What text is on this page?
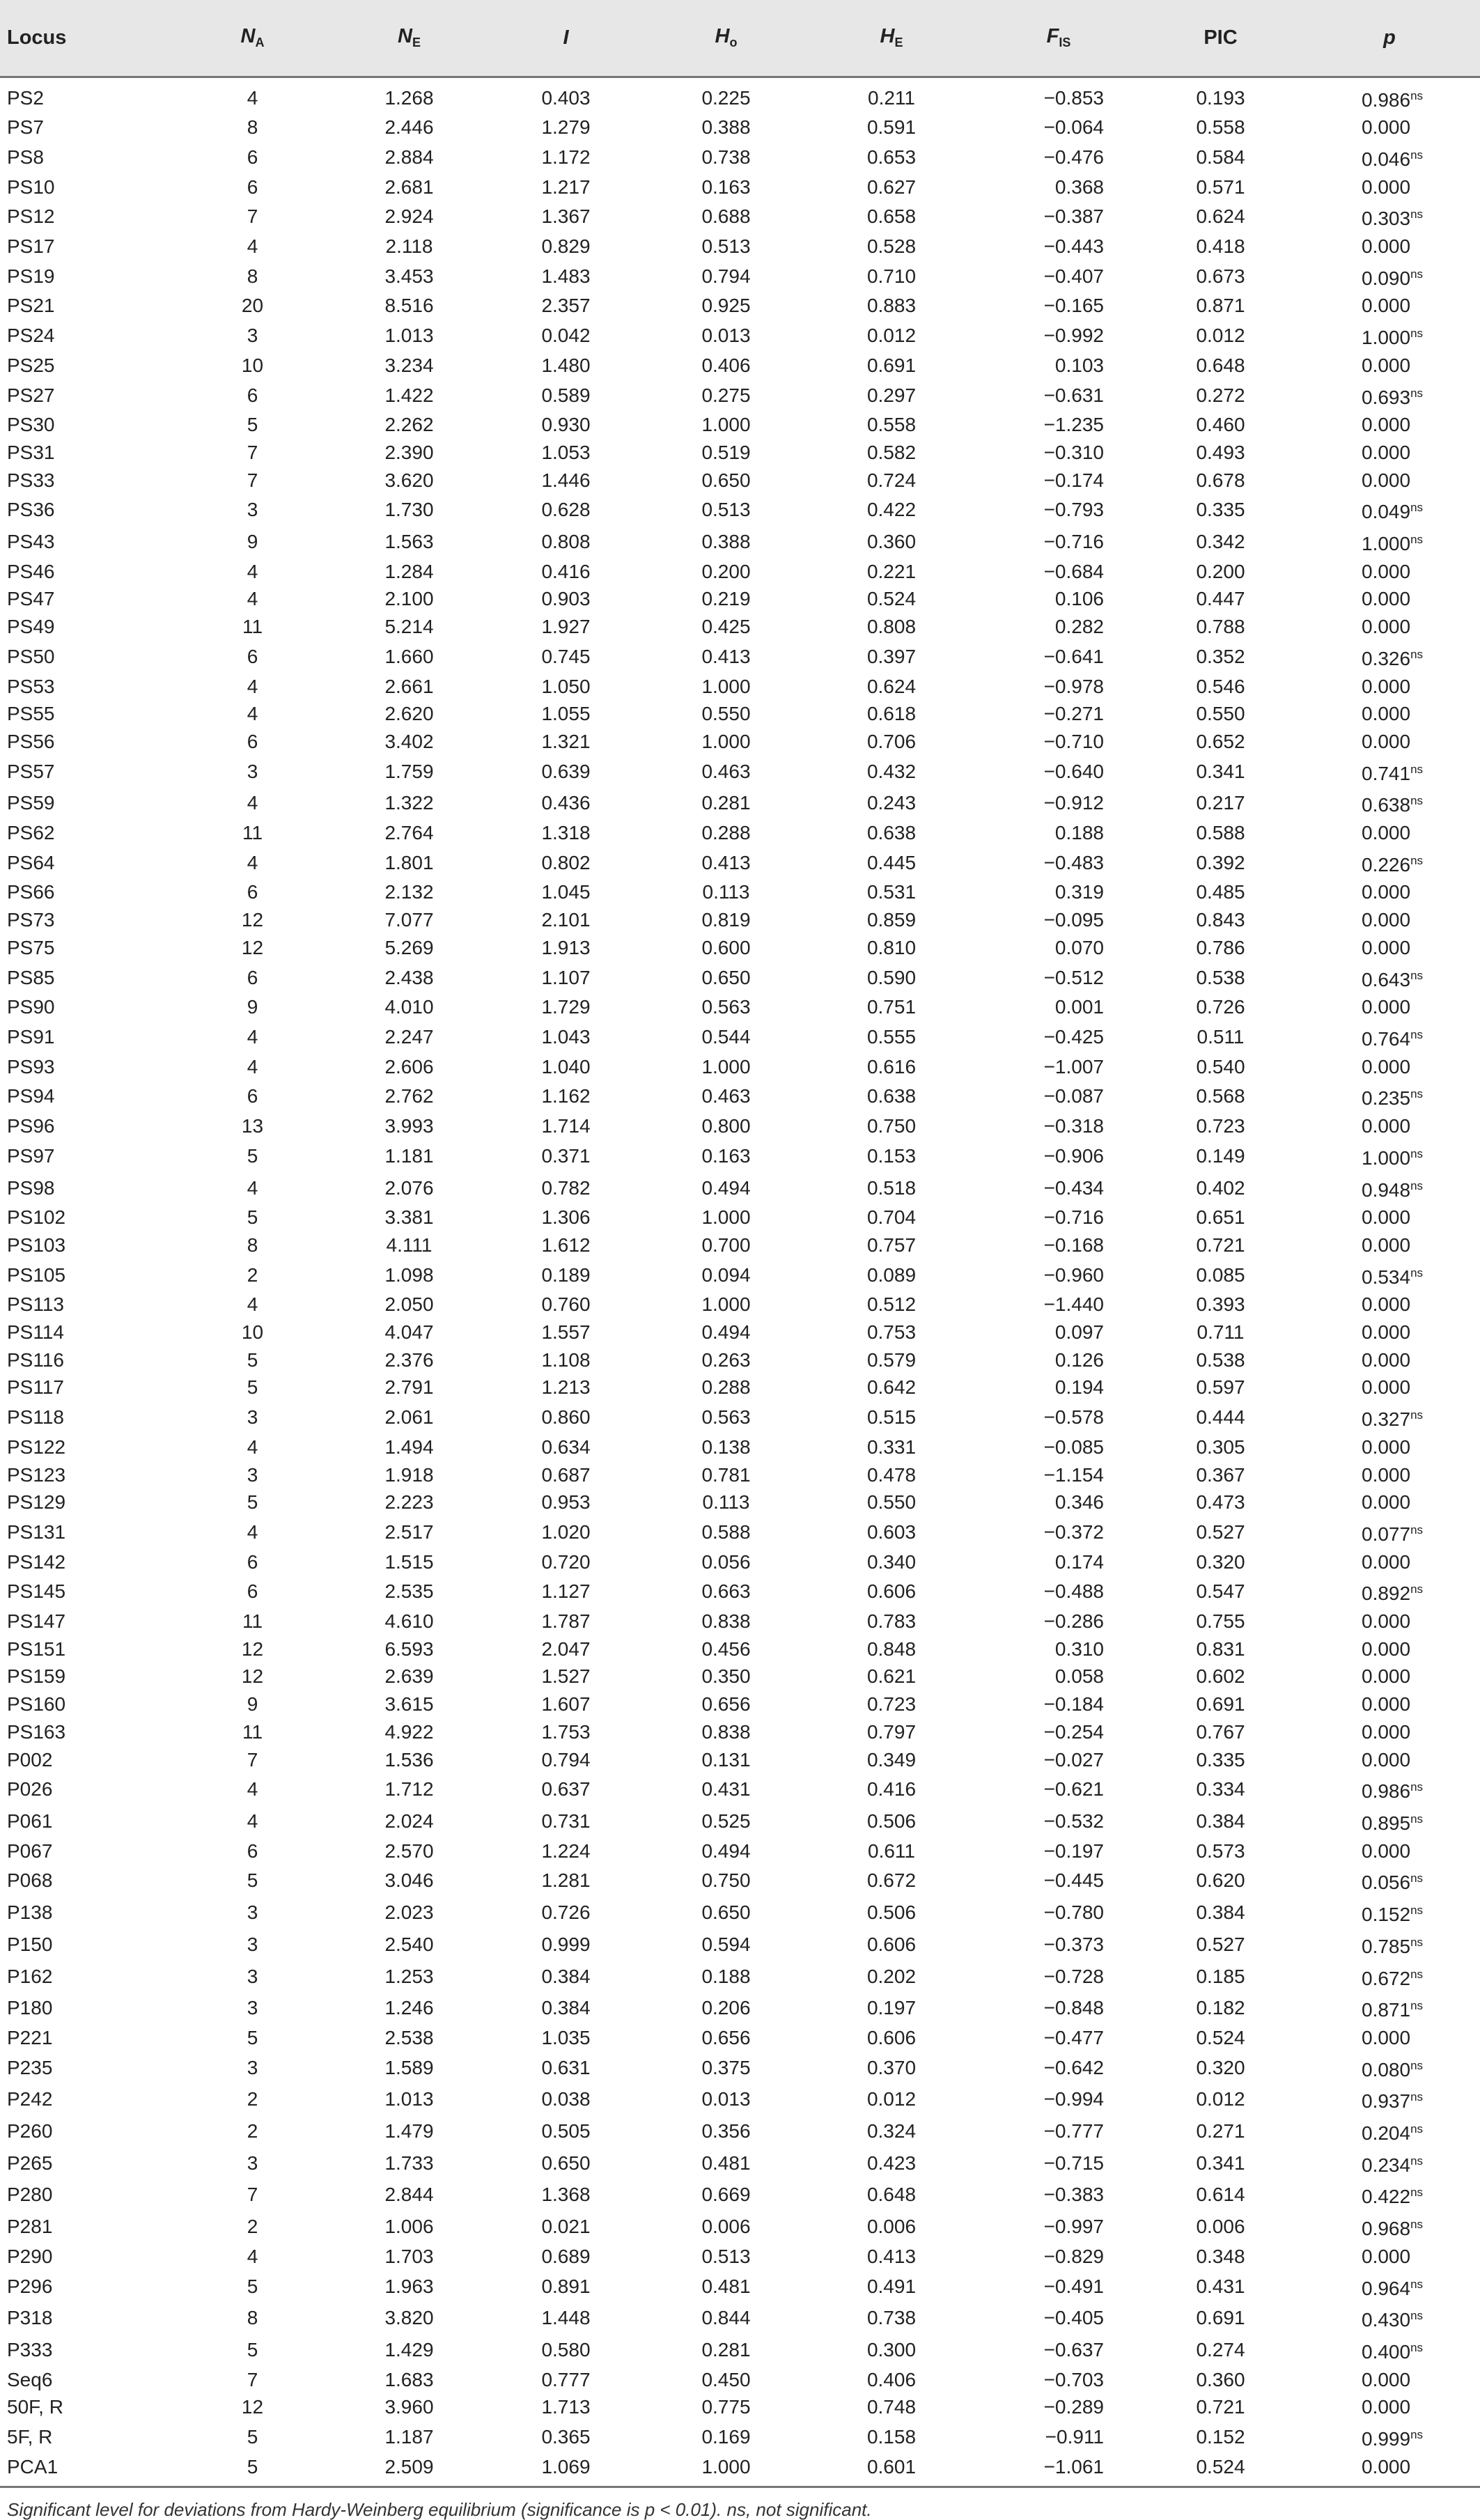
Locus	$N_A$	$N_E$	I	$H_o$	$H_E$	$F_{IS}$	PIC	p
PS2	4	1.268	0.403	0.225	0.211	−0.853	0.193	$0.986^{ns}$
PS7	8	2.446	1.279	0.388	0.591	−0.064	0.558	0.000
PS8	6	2.884	1.172	0.738	0.653	−0.476	0.584	$0.046^{ns}$
PS10	6	2.681	1.217	0.163	0.627	0.368	0.571	0.000
PS12	7	2.924	1.367	0.688	0.658	−0.387	0.624	$0.303^{ns}$
PS17	4	2.118	0.829	0.513	0.528	−0.443	0.418	0.000
PS19	8	3.453	1.483	0.794	0.710	−0.407	0.673	$0.090^{ns}$
PS21	20	8.516	2.357	0.925	0.883	−0.165	0.871	0.000
PS24	3	1.013	0.042	0.013	0.012	−0.992	0.012	$1.000^{ns}$
PS25	10	3.234	1.480	0.406	0.691	0.103	0.648	0.000
PS27	6	1.422	0.589	0.275	0.297	−0.631	0.272	$0.693^{ns}$
PS30	5	2.262	0.930	1.000	0.558	−1.235	0.460	0.000
PS31	7	2.390	1.053	0.519	0.582	−0.310	0.493	0.000
PS33	7	3.620	1.446	0.650	0.724	−0.174	0.678	0.000
PS36	3	1.730	0.628	0.513	0.422	−0.793	0.335	$0.049^{ns}$
PS43	9	1.563	0.808	0.388	0.360	−0.716	0.342	$1.000^{ns}$
PS46	4	1.284	0.416	0.200	0.221	−0.684	0.200	0.000
PS47	4	2.100	0.903	0.219	0.524	0.106	0.447	0.000
PS49	11	5.214	1.927	0.425	0.808	0.282	0.788	0.000
PS50	6	1.660	0.745	0.413	0.397	−0.641	0.352	$0.326^{ns}$
PS53	4	2.661	1.050	1.000	0.624	−0.978	0.546	0.000
PS55	4	2.620	1.055	0.550	0.618	−0.271	0.550	0.000
PS56	6	3.402	1.321	1.000	0.706	−0.710	0.652	0.000
PS57	3	1.759	0.639	0.463	0.432	−0.640	0.341	$0.741^{ns}$
PS59	4	1.322	0.436	0.281	0.243	−0.912	0.217	$0.638^{ns}$
PS62	11	2.764	1.318	0.288	0.638	0.188	0.588	0.000
PS64	4	1.801	0.802	0.413	0.445	−0.483	0.392	$0.226^{ns}$
PS66	6	2.132	1.045	0.113	0.531	0.319	0.485	0.000
PS73	12	7.077	2.101	0.819	0.859	−0.095	0.843	0.000
PS75	12	5.269	1.913	0.600	0.810	0.070	0.786	0.000
PS85	6	2.438	1.107	0.650	0.590	−0.512	0.538	$0.643^{ns}$
PS90	9	4.010	1.729	0.563	0.751	0.001	0.726	0.000
PS91	4	2.247	1.043	0.544	0.555	−0.425	0.511	$0.764^{ns}$
PS93	4	2.606	1.040	1.000	0.616	−1.007	0.540	0.000
PS94	6	2.762	1.162	0.463	0.638	−0.087	0.568	$0.235^{ns}$
PS96	13	3.993	1.714	0.800	0.750	−0.318	0.723	0.000
PS97	5	1.181	0.371	0.163	0.153	−0.906	0.149	$1.000^{ns}$
PS98	4	2.076	0.782	0.494	0.518	−0.434	0.402	$0.948^{ns}$
PS102	5	3.381	1.306	1.000	0.704	−0.716	0.651	0.000
PS103	8	4.111	1.612	0.700	0.757	−0.168	0.721	0.000
PS105	2	1.098	0.189	0.094	0.089	−0.960	0.085	$0.534^{ns}$
PS113	4	2.050	0.760	1.000	0.512	−1.440	0.393	0.000
PS114	10	4.047	1.557	0.494	0.753	0.097	0.711	0.000
PS116	5	2.376	1.108	0.263	0.579	0.126	0.538	0.000
PS117	5	2.791	1.213	0.288	0.642	0.194	0.597	0.000
PS118	3	2.061	0.860	0.563	0.515	−0.578	0.444	$0.327^{ns}$
PS122	4	1.494	0.634	0.138	0.331	−0.085	0.305	0.000
PS123	3	1.918	0.687	0.781	0.478	−1.154	0.367	0.000
PS129	5	2.223	0.953	0.113	0.550	0.346	0.473	0.000
PS131	4	2.517	1.020	0.588	0.603	−0.372	0.527	$0.077^{ns}$
PS142	6	1.515	0.720	0.056	0.340	0.174	0.320	0.000
PS145	6	2.535	1.127	0.663	0.606	−0.488	0.547	$0.892^{ns}$
PS147	11	4.610	1.787	0.838	0.783	−0.286	0.755	0.000
PS151	12	6.593	2.047	0.456	0.848	0.310	0.831	0.000
PS159	12	2.639	1.527	0.350	0.621	0.058	0.602	0.000
PS160	9	3.615	1.607	0.656	0.723	−0.184	0.691	0.000
PS163	11	4.922	1.753	0.838	0.797	−0.254	0.767	0.000
P002	7	1.536	0.794	0.131	0.349	−0.027	0.335	0.000
P026	4	1.712	0.637	0.431	0.416	−0.621	0.334	$0.986^{ns}$
P061	4	2.024	0.731	0.525	0.506	−0.532	0.384	$0.895^{ns}$
P067	6	2.570	1.224	0.494	0.611	−0.197	0.573	0.000
P068	5	3.046	1.281	0.750	0.672	−0.445	0.620	$0.056^{ns}$
P138	3	2.023	0.726	0.650	0.506	−0.780	0.384	$0.152^{ns}$
P150	3	2.540	0.999	0.594	0.606	−0.373	0.527	$0.785^{ns}$
P162	3	1.253	0.384	0.188	0.202	−0.728	0.185	$0.672^{ns}$
P180	3	1.246	0.384	0.206	0.197	−0.848	0.182	$0.871^{ns}$
P221	5	2.538	1.035	0.656	0.606	−0.477	0.524	0.000
P235	3	1.589	0.631	0.375	0.370	−0.642	0.320	$0.080^{ns}$
P242	2	1.013	0.038	0.013	0.012	−0.994	0.012	$0.937^{ns}$
P260	2	1.479	0.505	0.356	0.324	−0.777	0.271	$0.204^{ns}$
P265	3	1.733	0.650	0.481	0.423	−0.715	0.341	$0.234^{ns}$
P280	7	2.844	1.368	0.669	0.648	−0.383	0.614	$0.422^{ns}$
P281	2	1.006	0.021	0.006	0.006	−0.997	0.006	$0.968^{ns}$
P290	4	1.703	0.689	0.513	0.413	−0.829	0.348	0.000
P296	5	1.963	0.891	0.481	0.491	−0.491	0.431	$0.964^{ns}$
P318	8	3.820	1.448	0.844	0.738	−0.405	0.691	$0.430^{ns}$
P333	5	1.429	0.580	0.281	0.300	−0.637	0.274	$0.400^{ns}$
Seq6	7	1.683	0.777	0.450	0.406	−0.703	0.360	0.000
50F, R	12	3.960	1.713	0.775	0.748	−0.289	0.721	0.000
5F, R	5	1.187	0.365	0.169	0.158	−0.911	0.152	$0.999^{ns}$
PCA1	5	2.509	1.069	1.000	0.601	−1.061	0.524	0.000
Significant level for deviations from Hardy-Weinberg equilibrium (significance is p < 0.01). ns, not significant.
